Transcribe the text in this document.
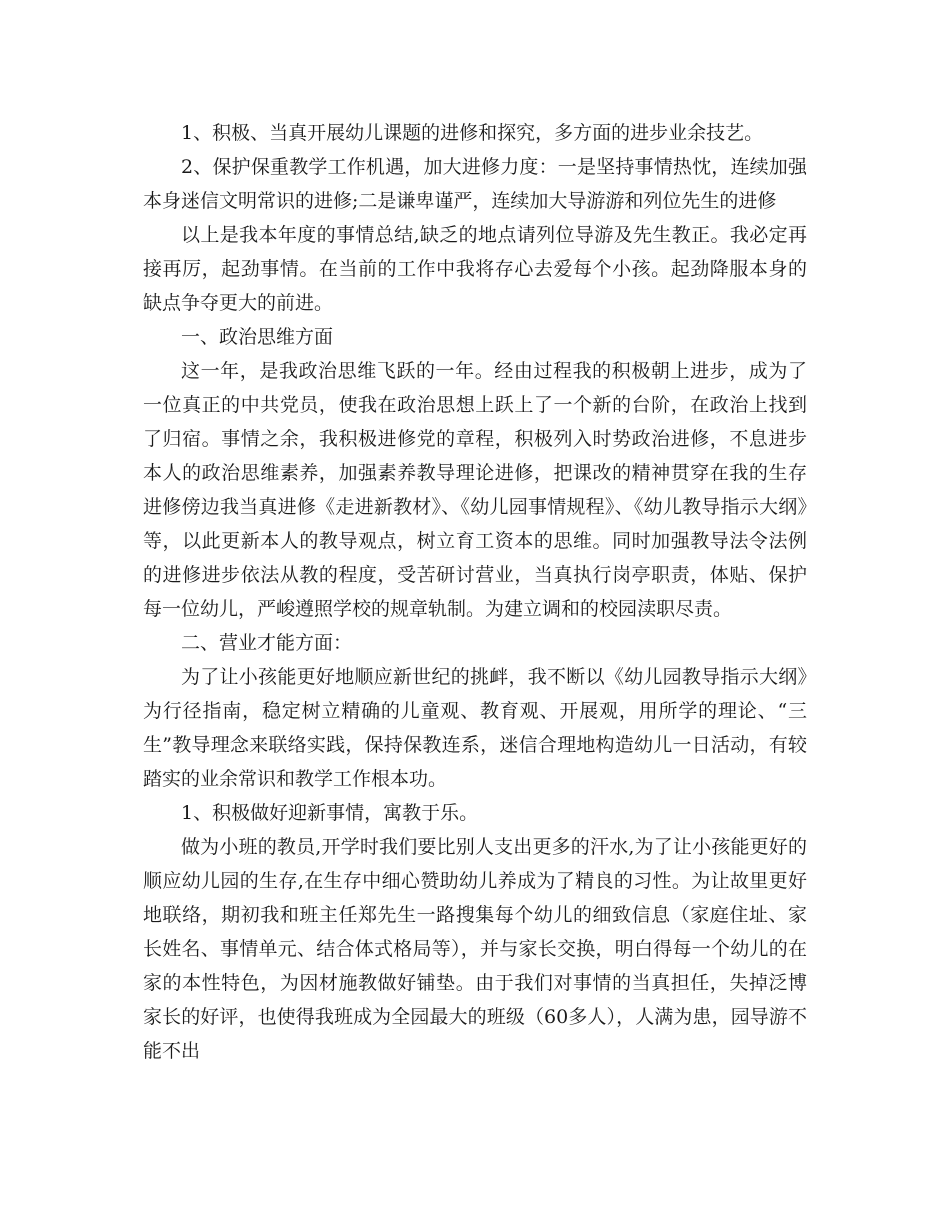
1、积极、当真开展幼儿课题的进修和探究，多方面的进步业余技艺。

2、保护保重教学工作机遇，加大进修力度：一是坚持事情热忱，连续加强本身迷信文明常识的进修;二是谦卑谨严，连续加大导游游和列位先生的进修

以上是我本年度的事情总结,缺乏的地点请列位导游及先生教正。我必定再接再厉，起劲事情。在当前的工作中我将存心去爱每个小孩。起劲降服本身的缺点争夺更大的前进。

一、政治思维方面

这一年，是我政治思维飞跃的一年。经由过程我的积极朝上进步，成为了一位真正的中共党员，使我在政治思想上跃上了一个新的台阶，在政治上找到了归宿。事情之余，我积极进修党的章程，积极列入时势政治进修，不息进步本人的政治思维素养，加强素养教导理论进修，把课改的精神贯穿在我的生存进修傍边我当真进修《走进新教材》、《幼儿园事情规程》、《幼儿教导指示大纲》等，以此更新本人的教导观点，树立育工资本的思维。同时加强教导法令法例的进修进步依法从教的程度，受苦研讨营业，当真执行岗亭职责，体贴、保护每一位幼儿，严峻遵照学校的规章轨制。为建立调和的校园渎职尽责。

二、营业才能方面：

为了让小孩能更好地顺应新世纪的挑衅，我不断以《幼儿园教导指示大纲》为行径指南，稳定树立精确的儿童观、教育观、开展观，用所学的理论、“三生”教导理念来联络实践，保持保教连系，迷信合理地构造幼儿一日活动，有较踏实的业余常识和教学工作根本功。

1、积极做好迎新事情，寓教于乐。

做为小班的教员,开学时我们要比别人支出更多的汗水,为了让小孩能更好的顺应幼儿园的生存,在生存中细心赞助幼儿养成为了精良的习性。为让故里更好地联络，期初我和班主任郑先生一路搜集每个幼儿的细致信息（家庭住址、家长姓名、事情单元、结合体式格局等），并与家长交换，明白得每一个幼儿的在家的本性特色，为因材施教做好铺垫。由于我们对事情的当真担任，失掉泛博家长的好评，也使得我班成为全园最大的班级（60多人），人满为患，园导游不能不出
